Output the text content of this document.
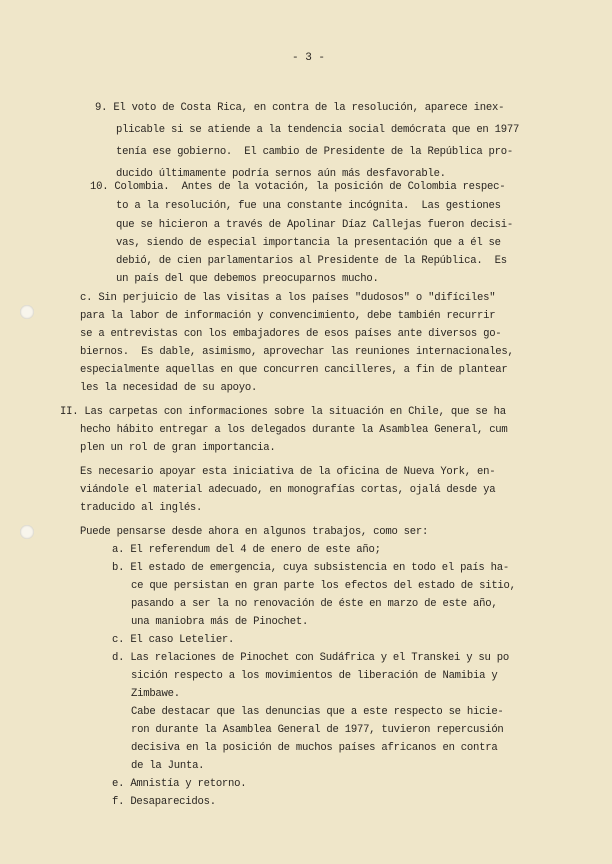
- 3 -
9. El voto de Costa Rica, en contra de la resolución, aparece inex-
plicable si se atiende a la tendencia social demócrata que en 1977
tenía ese gobierno.  El cambio de Presidente de la República pro-
ducido últimamente podría sernos aún más desfavorable.
10. Colombia.  Antes de la votación, la posición de Colombia respec-
to a la resolución, fue una constante incógnita.  Las gestiones
que se hicieron a través de Apolinar Díaz Callejas fueron decisi-
vas, siendo de especial importancia la presentación que a él se
debió, de cien parlamentarios al Presidente de la República.  Es
un país del que debemos preocuparnos mucho.
c. Sin perjuicio de las visitas a los países "dudosos" o "difíciles"
para la labor de información y convencimiento, debe también recurrir
se a entrevistas con los embajadores de esos países ante diversos go-
biernos.  Es dable, asimismo, aprovechar las reuniones internacionales,
especialmente aquellas en que concurren cancilleres, a fin de plantear
les la necesidad de su apoyo.
II. Las carpetas con informaciones sobre la situación en Chile, que se ha
hecho hábito entregar a los delegados durante la Asamblea General, cum
plen un rol de gran importancia.
Es necesario apoyar esta iniciativa de la oficina de Nueva York, en-
viándole el material adecuado, en monografías cortas, ojalá desde ya
traducido al inglés.
Puede pensarse desde ahora en algunos trabajos, como ser:
a. El referendum del 4 de enero de este año;
b. El estado de emergencia, cuya subsistencia en todo el país ha-
ce que persistan en gran parte los efectos del estado de sitio,
pasando a ser la no renovación de éste en marzo de este año,
una maniobra más de Pinochet.
c. El caso Letelier.
d. Las relaciones de Pinochet con Sudáfrica y el Transkei y su po
sición respecto a los movimientos de liberación de Namibia y
Zimbawe.
Cabe destacar que las denuncias que a este respecto se hicie-
ron durante la Asamblea General de 1977, tuvieron repercusión
decisiva en la posición de muchos países africanos en contra
de la Junta.
e. Amnistía y retorno.
f. Desaparecidos.
